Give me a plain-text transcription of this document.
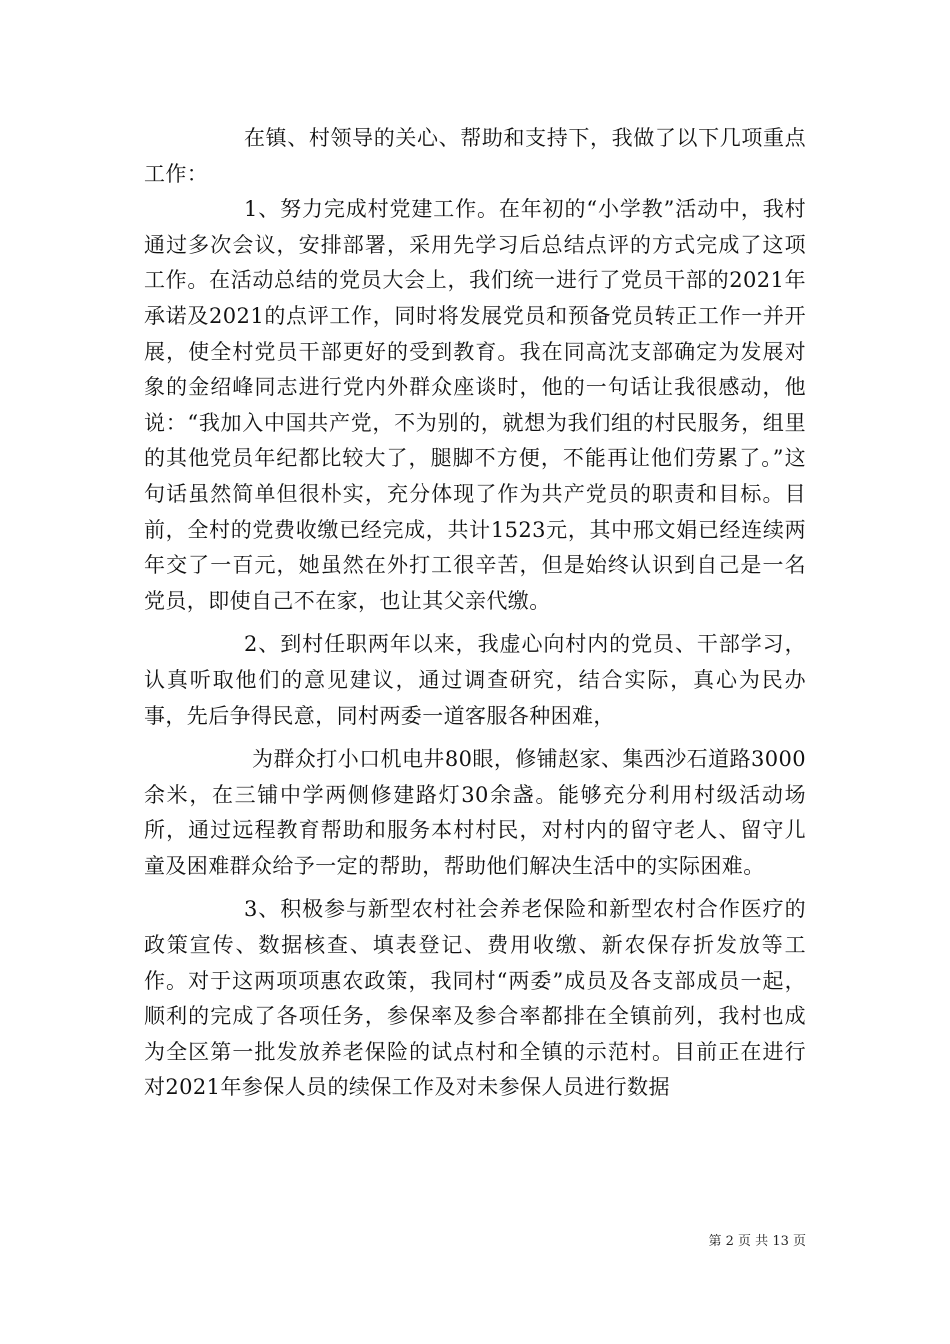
在镇、村领导的关心、帮助和支持下，我做了以下几项重点工作：

1、努力完成村党建工作。在年初的“小学教”活动中，我村通过多次会议，安排部署，采用先学习后总结点评的方式完成了这项工作。在活动总结的党员大会上，我们统一进行了党员干部的2021年承诺及2021的点评工作，同时将发展党员和预备党员转正工作一并开展，使全村党员干部更好的受到教育。我在同高沈支部确定为发展对象的金绍峰同志进行党内外群众座谈时，他的一句话让我很感动，他说：“我加入中国共产党，不为别的，就想为我们组的村民服务，组里的其他党员年纪都比较大了，腿脚不方便，不能再让他们劳累了。”这句话虽然简单但很朴实，充分体现了作为共产党员的职责和目标。目前，全村的党费收缴已经完成，共计1523元，其中邢文娟已经连续两年交了一百元，她虽然在外打工很辛苦，但是始终认识到自己是一名党员，即使自己不在家，也让其父亲代缴。

2、到村任职两年以来，我虚心向村内的党员、干部学习，认真听取他们的意见建议，通过调查研究，结合实际，真心为民办事，先后争得民意，同村两委一道客服各种困难，

为群众打小口机电井80眼，修铺赵家、集西沙石道路3000余米，在三铺中学两侧修建路灯30余盏。能够充分利用村级活动场所，通过远程教育帮助和服务本村村民，对村内的留守老人、留守儿童及困难群众给予一定的帮助，帮助他们解决生活中的实际困难。

3、积极参与新型农村社会养老保险和新型农村合作医疗的政策宣传、数据核查、填表登记、费用收缴、新农保存折发放等工作。对于这两项项惠农政策，我同村“两委”成员及各支部成员一起，顺利的完成了各项任务，参保率及参合率都排在全镇前列，我村也成为全区第一批发放养老保险的试点村和全镇的示范村。目前正在进行对2021年参保人员的续保工作及对未参保人员进行数据

第 2 页 共 13 页
